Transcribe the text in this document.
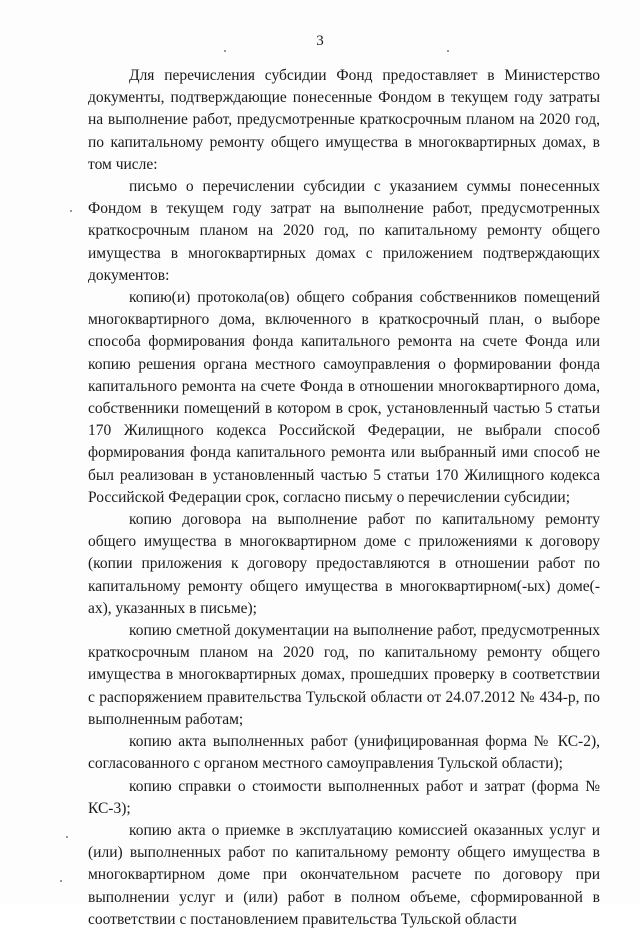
3

Для перечисления субсидии Фонд предоставляет в Министерство документы, подтверждающие понесенные Фондом в текущем году затраты на выполнение работ, предусмотренные краткосрочным планом на 2020 год, по капитальному ремонту общего имущества в многоквартирных домах, в том числе:

письмо о перечислении субсидии с указанием суммы понесенных Фондом в текущем году затрат на выполнение работ, предусмотренных краткосрочным планом на 2020 год, по капитальному ремонту общего имущества в многоквартирных домах с приложением подтверждающих документов:

копию(и) протокола(ов) общего собрания собственников помещений многоквартирного дома, включенного в краткосрочный план, о выборе способа формирования фонда капитального ремонта на счете Фонда или копию решения органа местного самоуправления о формировании фонда капитального ремонта на счете Фонда в отношении многоквартирного дома, собственники помещений в котором в срок, установленный частью 5 статьи 170 Жилищного кодекса Российской Федерации, не выбрали способ формирования фонда капитального ремонта или выбранный ими способ не был реализован в установленный частью 5 статьи 170 Жилищного кодекса Российской Федерации срок, согласно письму о перечислении субсидии;

копию договора на выполнение работ по капитальному ремонту общего имущества в многоквартирном доме с приложениями к договору (копии приложения к договору предоставляются в отношении работ по капитальному ремонту общего имущества в многоквартирном(-ых) доме(-ах), указанных в письме);

копию сметной документации на выполнение работ, предусмотренных краткосрочным планом на 2020 год, по капитальному ремонту общего имущества в многоквартирных домах, прошедших проверку в соответствии с распоряжением правительства Тульской области от 24.07.2012 № 434-р, по выполненным работам;

копию акта выполненных работ (унифицированная форма № КС-2), согласованного с органом местного самоуправления Тульской области);

копию справки о стоимости выполненных работ и затрат (форма № КС-3);

копию акта о приемке в эксплуатацию комиссией оказанных услуг и (или) выполненных работ по капитальному ремонту общего имущества в многоквартирном доме при окончательном расчете по договору при выполнении услуг и (или) работ в полном объеме, сформированной в соответствии с постановлением правительства Тульской области
